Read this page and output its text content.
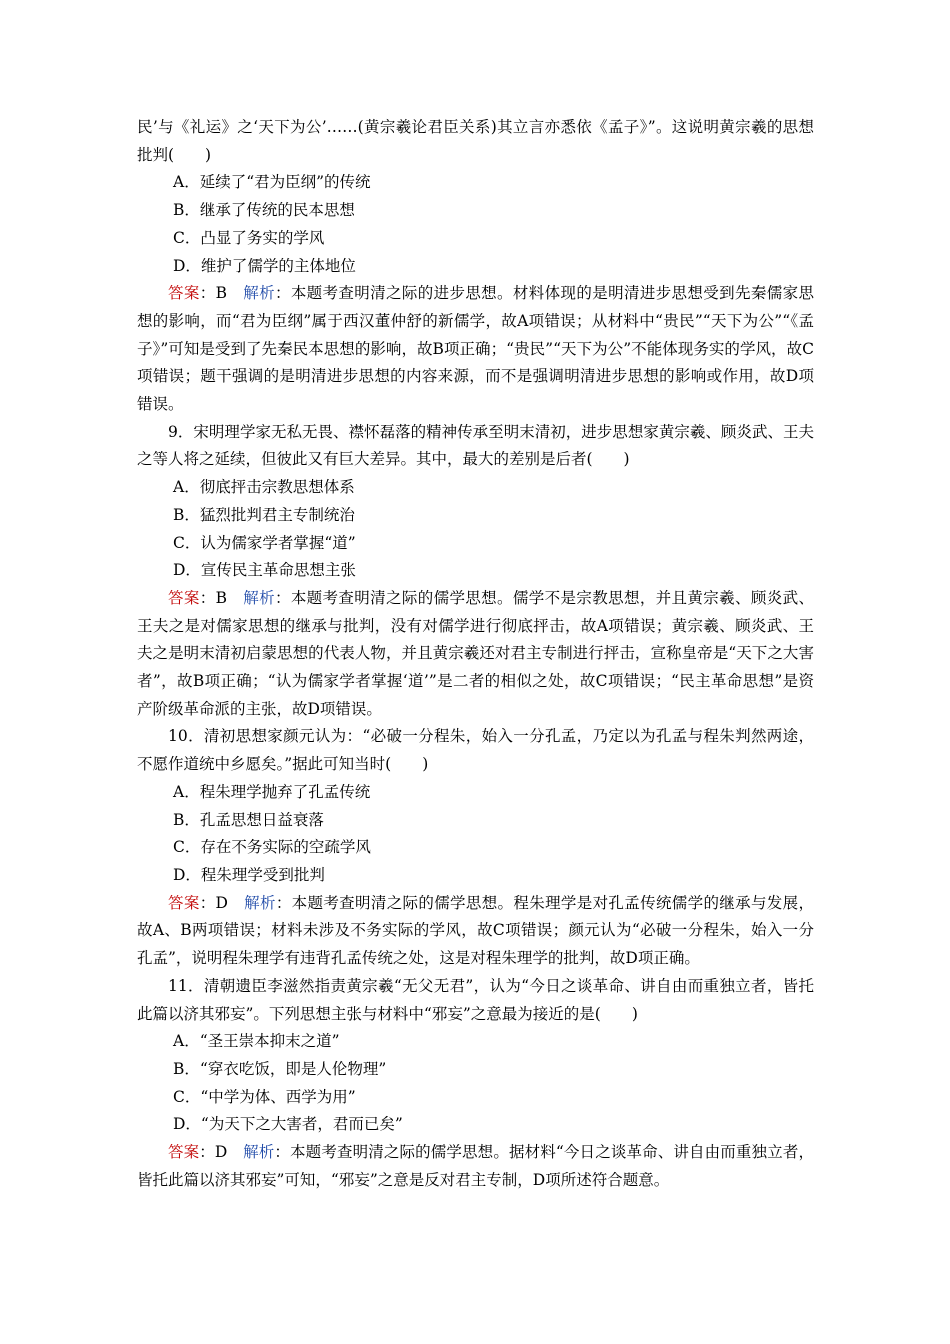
民’与《礼运》之‘天下为公’……(黄宗羲论君臣关系)其立言亦悉依《孟子》”。这说明黄宗羲的思想批判(　　)

A．延续了“君为臣纲”的传统

B．继承了传统的民本思想

C．凸显了务实的学风

D．维护了儒学的主体地位

答案：B　解析：本题考查明清之际的进步思想。材料体现的是明清进步思想受到先秦儒家思想的影响，而“君为臣纲”属于西汉董仲舒的新儒学，故A项错误；从材料中“贵民”“天下为公”“《孟子》”可知是受到了先秦民本思想的影响，故B项正确；“贵民”“天下为公”不能体现务实的学风，故C项错误；题干强调的是明清进步思想的内容来源，而不是强调明清进步思想的影响或作用，故D项错误。

9．宋明理学家无私无畏、襟怀磊落的精神传承至明末清初，进步思想家黄宗羲、顾炎武、王夫之等人将之延续，但彼此又有巨大差异。其中，最大的差别是后者(　　)

A．彻底抨击宗教思想体系

B．猛烈批判君主专制统治

C．认为儒家学者掌握“道”

D．宣传民主革命思想主张

答案：B　解析：本题考查明清之际的儒学思想。儒学不是宗教思想，并且黄宗羲、顾炎武、王夫之是对儒家思想的继承与批判，没有对儒学进行彻底抨击，故A项错误；黄宗羲、顾炎武、王夫之是明末清初启蒙思想的代表人物，并且黄宗羲还对君主专制进行抨击，宣称皇帝是“天下之大害者”，故B项正确；“认为儒家学者掌握‘道’”是二者的相似之处，故C项错误；“民主革命思想”是资产阶级革命派的主张，故D项错误。

10．清初思想家颜元认为：“必破一分程朱，始入一分孔孟，乃定以为孔孟与程朱判然两途，不愿作道统中乡愿矣。”据此可知当时(　　)

A．程朱理学抛弃了孔孟传统

B．孔孟思想日益衰落

C．存在不务实际的空疏学风

D．程朱理学受到批判

答案：D　解析：本题考查明清之际的儒学思想。程朱理学是对孔孟传统儒学的继承与发展，故A、B两项错误；材料未涉及不务实际的学风，故C项错误；颜元认为“必破一分程朱，始入一分孔孟”，说明程朱理学有违背孔孟传统之处，这是对程朱理学的批判，故D项正确。

11．清朝遗臣李滋然指责黄宗羲“无父无君”，认为“今日之谈革命、讲自由而重独立者，皆托此篇以济其邪妄”。下列思想主张与材料中“邪妄”之意最为接近的是(　　)

A．“圣王崇本抑末之道”

B．“穿衣吃饭，即是人伦物理”

C．“中学为体、西学为用”

D．“为天下之大害者，君而已矣”

答案：D　解析：本题考查明清之际的儒学思想。据材料“今日之谈革命、讲自由而重独立者，皆托此篇以济其邪妄”可知，“邪妄”之意是反对君主专制，D项所述符合题意。
